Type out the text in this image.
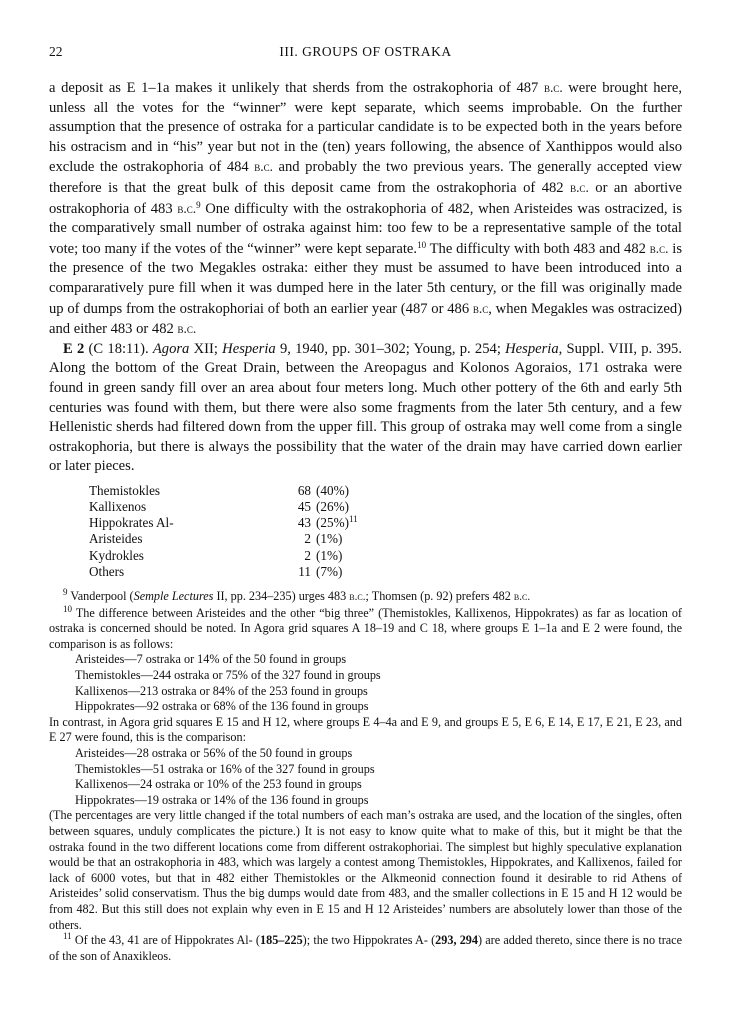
22	III. GROUPS OF OSTRAKA

a deposit as E 1–1a makes it unlikely that sherds from the ostrakophoria of 487 b.c. were brought here, unless all the votes for the “winner” were kept separate, which seems improbable. On the further assumption that the presence of ostraka for a particular candidate is to be expected both in the years before his ostracism and in “his” year but not in the (ten) years following, the absence of Xanthippos would also exclude the ostrakophoria of 484 b.c. and probably the two previous years. The generally accepted view therefore is that the great bulk of this deposit came from the ostrakophoria of 482 b.c. or an abortive ostrakophoria of 483 b.c.$^9$ One difficulty with the ostrakophoria of 482, when Aristeides was ostracized, is the comparatively small number of ostraka against him: too few to be a representative sample of the total vote; too many if the votes of the “winner” were kept separate.$^{10}$ The difficulty with both 483 and 482 b.c. is the presence of the two Megakles ostraka: either they must be assumed to have been introduced into a compararatively pure fill when it was dumped here in the later 5th century, or the fill was originally made up of dumps from the ostrakophoriai of both an earlier year (487 or 486 b.c, when Megakles was ostracized) and either 483 or 482 b.c.

E 2 (C 18:11). Agora XII; Hesperia 9, 1940, pp. 301–302; Young, p. 254; Hesperia, Suppl. VIII, p. 395. Along the bottom of the Great Drain, between the Areopagus and Kolonos Agoraios, 171 ostraka were found in green sandy fill over an area about four meters long. Much other pottery of the 6th and early 5th centuries was found with them, but there were also some fragments from the later 5th century, and a few Hellenistic sherds had filtered down from the upper fill. This group of ostraka may well come from a single ostrakophoria, but there is always the possibility that the water of the drain may have carried down earlier or later pieces.

Themistokles	68	(40%)
Kallixenos	45	(26%)
Hippokrates Al-	43	$(25\%)^{11}$
Aristeides	2	(1%)
Kydrokles	2	(1%)
Others	11	(7%)

$^9$ Vanderpool (Semple Lectures II, pp. 234–235) urges 483 b.c.; Thomsen (p. 92) prefers 482 b.c.

$^{10}$ The difference between Aristeides and the other “big three” (Themistokles, Kallixenos, Hippokrates) as far as location of ostraka is concerned should be noted. In Agora grid squares A 18–19 and C 18, where groups E 1–1a and E 2 were found, the comparison is as follows:

Aristeides—7 ostraka or 14% of the 50 found in groups

Themistokles—244 ostraka or 75% of the 327 found in groups

Kallixenos—213 ostraka or 84% of the 253 found in groups

Hippokrates—92 ostraka or 68% of the 136 found in groups

In contrast, in Agora grid squares E 15 and H 12, where groups E 4–4a and E 9, and groups E 5, E 6, E 14, E 17, E 21, E 23, and E 27 were found, this is the comparison:

Aristeides—28 ostraka or 56% of the 50 found in groups

Themistokles—51 ostraka or 16% of the 327 found in groups

Kallixenos—24 ostraka or 10% of the 253 found in groups

Hippokrates—19 ostraka or 14% of the 136 found in groups

(The percentages are very little changed if the total numbers of each man’s ostraka are used, and the location of the singles, often between squares, unduly complicates the picture.) It is not easy to know quite what to make of this, but it might be that the ostraka found in the two different locations come from different ostrakophoriai. The simplest but highly speculative explanation would be that an ostrakophoria in 483, which was largely a contest among Themistokles, Hippokrates, and Kallixenos, failed for lack of 6000 votes, but that in 482 either Themistokles or the Alkmeonid connection found it desirable to rid Athens of Aristeides’ solid conservatism. Thus the big dumps would date from 483, and the smaller collections in E 15 and H 12 would be from 482. But this still does not explain why even in E 15 and H 12 Aristeides’ numbers are absolutely lower than those of the others.

$^{11}$ Of the 43, 41 are of Hippokrates Al- (185–225); the two Hippokrates A- (293, 294) are added thereto, since there is no trace of the son of Anaxikleos.
